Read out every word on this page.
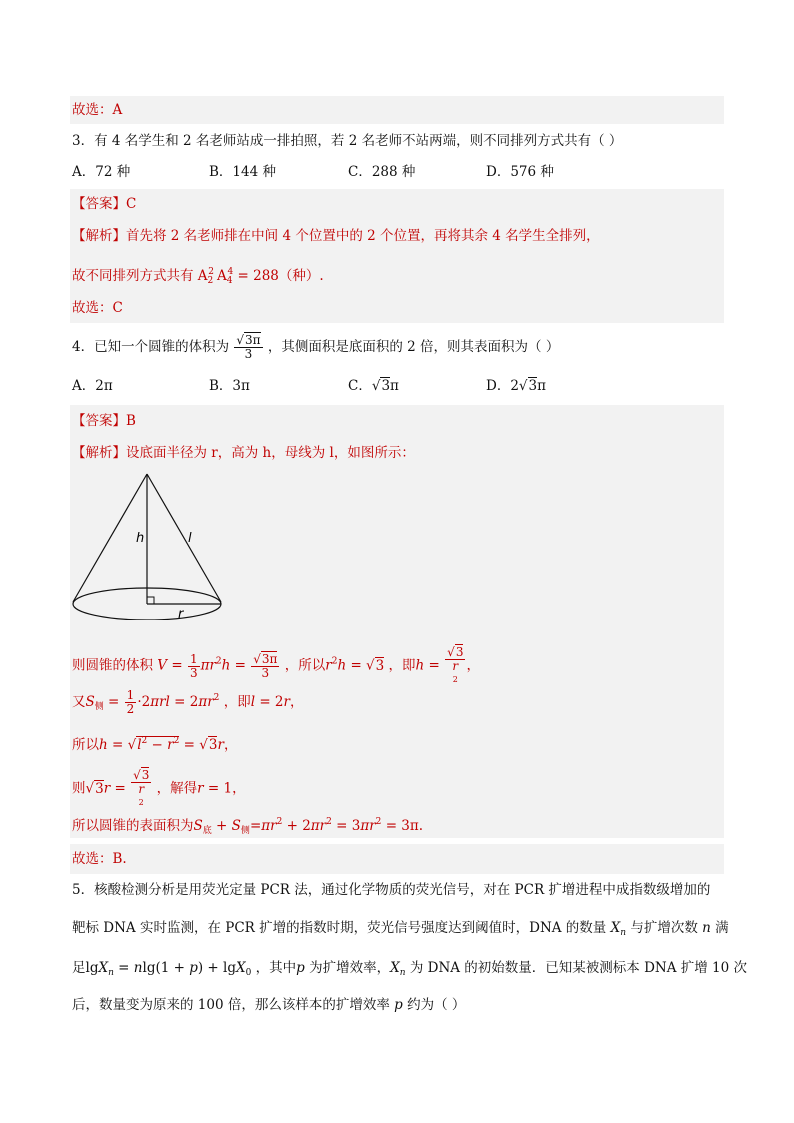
故选：A
3．有 4 名学生和 2 名老师站成一排拍照，若 2 名老师不站两端，则不同排列方式共有（ ）
A．72 种	B．144 种	C．288 种	D．576 种
【答案】C
【解析】首先将 2 名老师排在中间 4 个位置中的 2 个位置，再将其余 4 名学生全排列，
故不同排列方式共有 $A_2^2$ $A_4^4 = 288$（种）.
故选：C
4．已知一个圆锥的体积为 $\frac{√3\pi}{3}$ ，其侧面积是底面积的 2 倍，则其表面积为（ ）
A．2π	B．3π	C．√3π	D．2√3π
【答案】B
【解析】设底面半径为 r，高为 h，母线为 l，如图所示：
h	l
r
则圆锥的体积 $V = \frac{1}{3} \pi r^2h = \frac{√3\pi}{3}$ ，所以$r^2h = √3$ ，即h =
√3
r
2
，
又$S_侧 = \frac{1}{2} \cdot 2\pi rl = 2\pi r^2$ ，即l = 2r，
所以$h = √l^2 - r^2 = √3r$，
则√3r =
√3
r
2
，解得r = 1，
所以圆锥的表面积为$S_底 + S_侧=\pi r^2 + 2\pi r^2 = 3\pi r^2 = 3\pi$.
故选：B.
5．核酸检测分析是用荧光定量 PCR 法，通过化学物质的荧光信号，对在 PCR 扩增进程中成指数级增加的
靶标 DNA 实时监测，在 PCR 扩增的指数时期，荧光信号强度达到阈值时，DNA 的数量 $X_n$ 与扩增次数 n 满
足lgX$_n$ = nlg(1 + p) + lgX$_0$ ，其中p 为扩增效率，$X_n$ 为 DNA 的初始数量．已知某被测标本 DNA 扩增 10 次
后，数量变为原来的 100 倍，那么该样本的扩增效率 p 约为（ ）
